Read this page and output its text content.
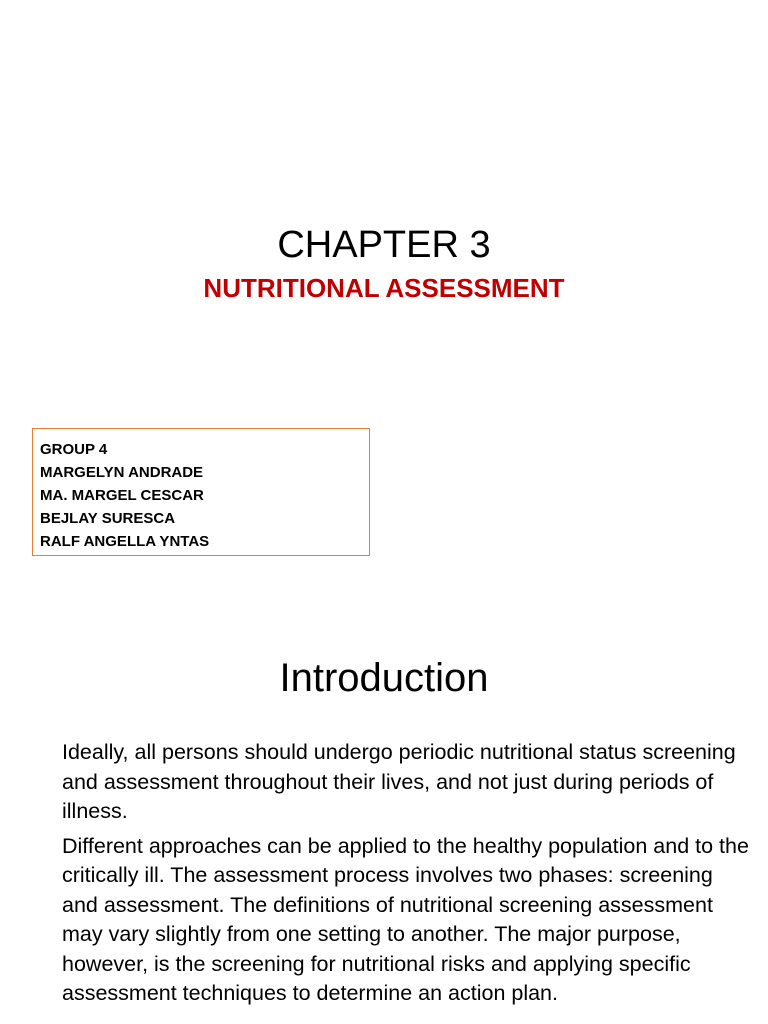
CHAPTER 3
NUTRITIONAL ASSESSMENT

GROUP 4

MARGELYN ANDRADE

MA. MARGEL CESCAR

BEJLAY SURESCA

RALF ANGELLA YNTAS

Introduction

Ideally, all persons should undergo periodic nutritional status screening and assessment throughout their lives, and not just during periods of illness.

Different approaches can be applied to the healthy population and to the critically ill. The assessment process involves two phases: screening and assessment. The definitions of nutritional screening assessment may vary slightly from one setting to another. The major purpose, however, is the screening for nutritional risks and applying specific assessment techniques to determine an action plan.
